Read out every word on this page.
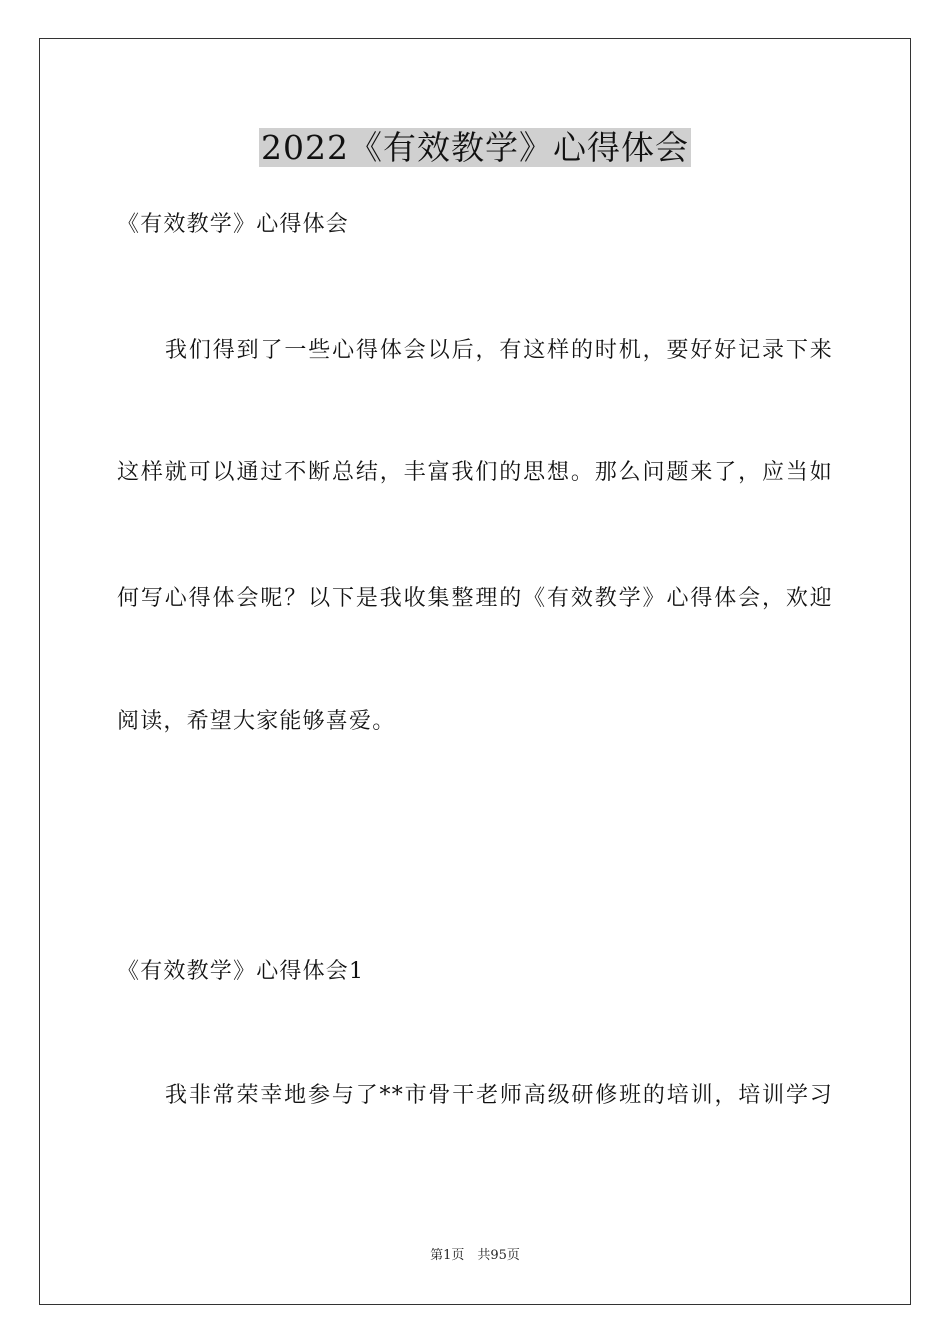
2022《有效教学》心得体会
《有效教学》心得体会
我们得到了一些心得体会以后，有这样的时机，要好好记录下来
这样就可以通过不断总结，丰富我们的思想。那么问题来了，应当如
何写心得体会呢？以下是我收集整理的《有效教学》心得体会，欢迎
阅读，希望大家能够喜爱。
《有效教学》心得体会1
我非常荣幸地参与了**市骨干老师高级研修班的培训，培训学习
第1页　共95页
